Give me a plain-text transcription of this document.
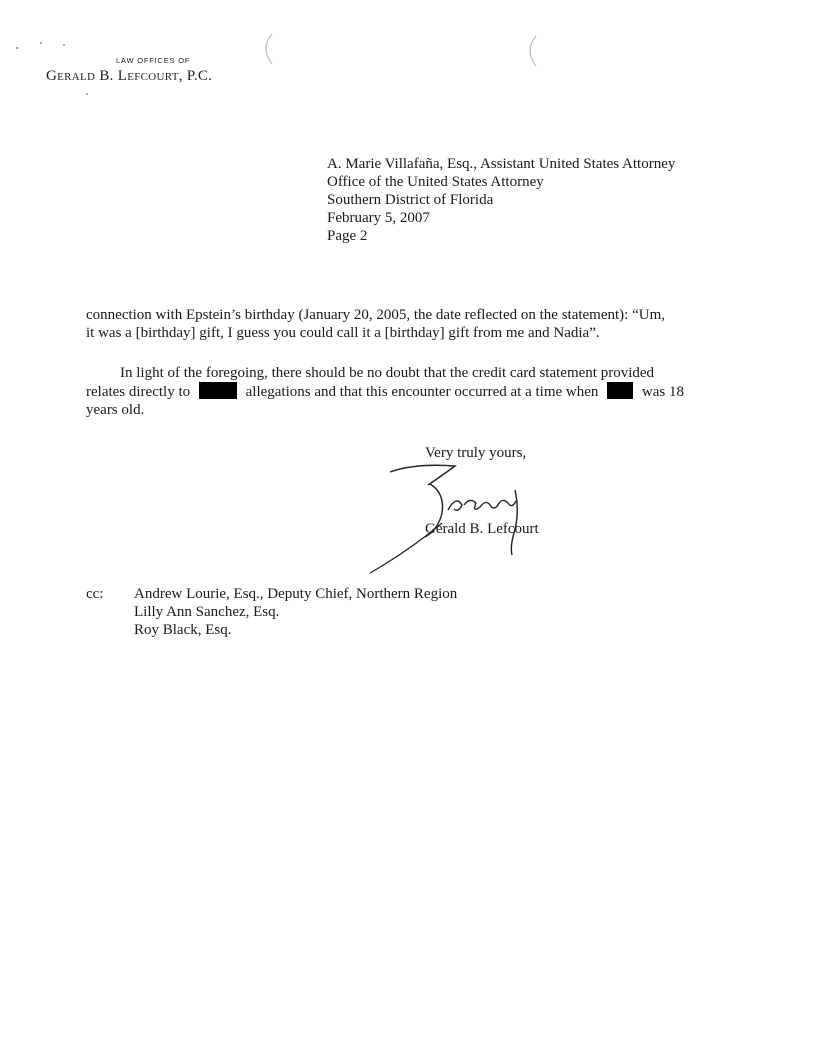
LAW OFFICES OF
Gerald B. Lefcourt, P.C.
A. Marie Villafaña, Esq., Assistant United States Attorney
Office of the United States Attorney
Southern District of Florida
February 5, 2007
Page 2
connection with Epstein’s birthday (January 20, 2005, the date reflected on the statement): “Um,
it was a [birthday] gift, I guess you could call it a [birthday] gift from me and Nadia”.
In light of the foregoing, there should be no doubt that the credit card statement provided
relates directly to	allegations and that this encounter occurred at a time when	was 18
years old.
Very truly yours,
Gerald B. Lefcourt
cc: Andrew Lourie, Esq., Deputy Chief, Northern Region
Lilly Ann Sanchez, Esq.
Roy Black, Esq.
